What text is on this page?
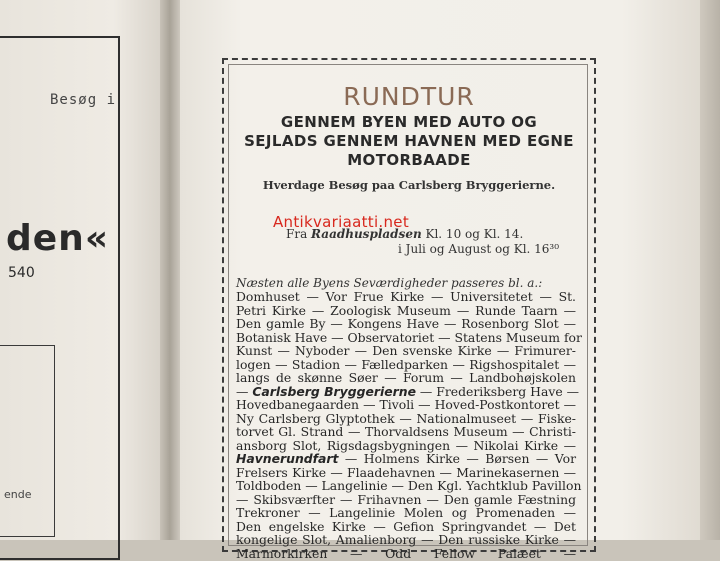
Besøg i
den«
540
ende
RUNDTUR
GENNEM BYEN MED AUTO OG
SEJLADS GENNEM HAVNEN MED EGNE
MOTORBAADE
Hverdage Besøg paa Carlsberg Bryggerierne.
Fra Raadhuspladsen Kl. 10 og Kl. 14.
i Juli og August og Kl. 16³⁰
Antikvariaatti.net
Næsten alle Byens Seværdigheder passeres bl. a.:
Domhuset — Vor Frue Kirke — Universitetet — St.
Petri Kirke — Zoologisk Museum — Runde Taarn —
Den gamle By — Kongens Have — Rosenborg Slot —
Botanisk Have — Observatoriet — Statens Museum for
Kunst — Nyboder — Den svenske Kirke — Frimurer-
logen — Stadion — Fælledparken — Rigshospitalet —
langs de skønne Søer — Forum — Landbohøjskolen
— Carlsberg Bryggerierne — Frederiksberg Have —
Hovedbanegaarden — Tivoli — Hoved-Postkontoret —
Ny Carlsberg Glyptothek — Nationalmuseet — Fiske-
torvet Gl. Strand — Thorvaldsens Museum — Christi-
ansborg Slot, Rigsdagsbygningen — Nikolai Kirke —
Havnerundfart — Holmens Kirke — Børsen — Vor
Frelsers Kirke — Flaadehavnen — Marinekasernen —
Toldboden — Langelinie — Den Kgl. Yachtklub Pavillon
— Skibsværfter — Frihavnen — Den gamle Fæstning
Trekroner — Langelinie Molen og Promenaden —
Den engelske Kirke — Gefion Springvandet — Det
kongelige Slot, Amalienborg — Den russiske Kirke —
Marmorkirken — Odd Fellow Palæet —
